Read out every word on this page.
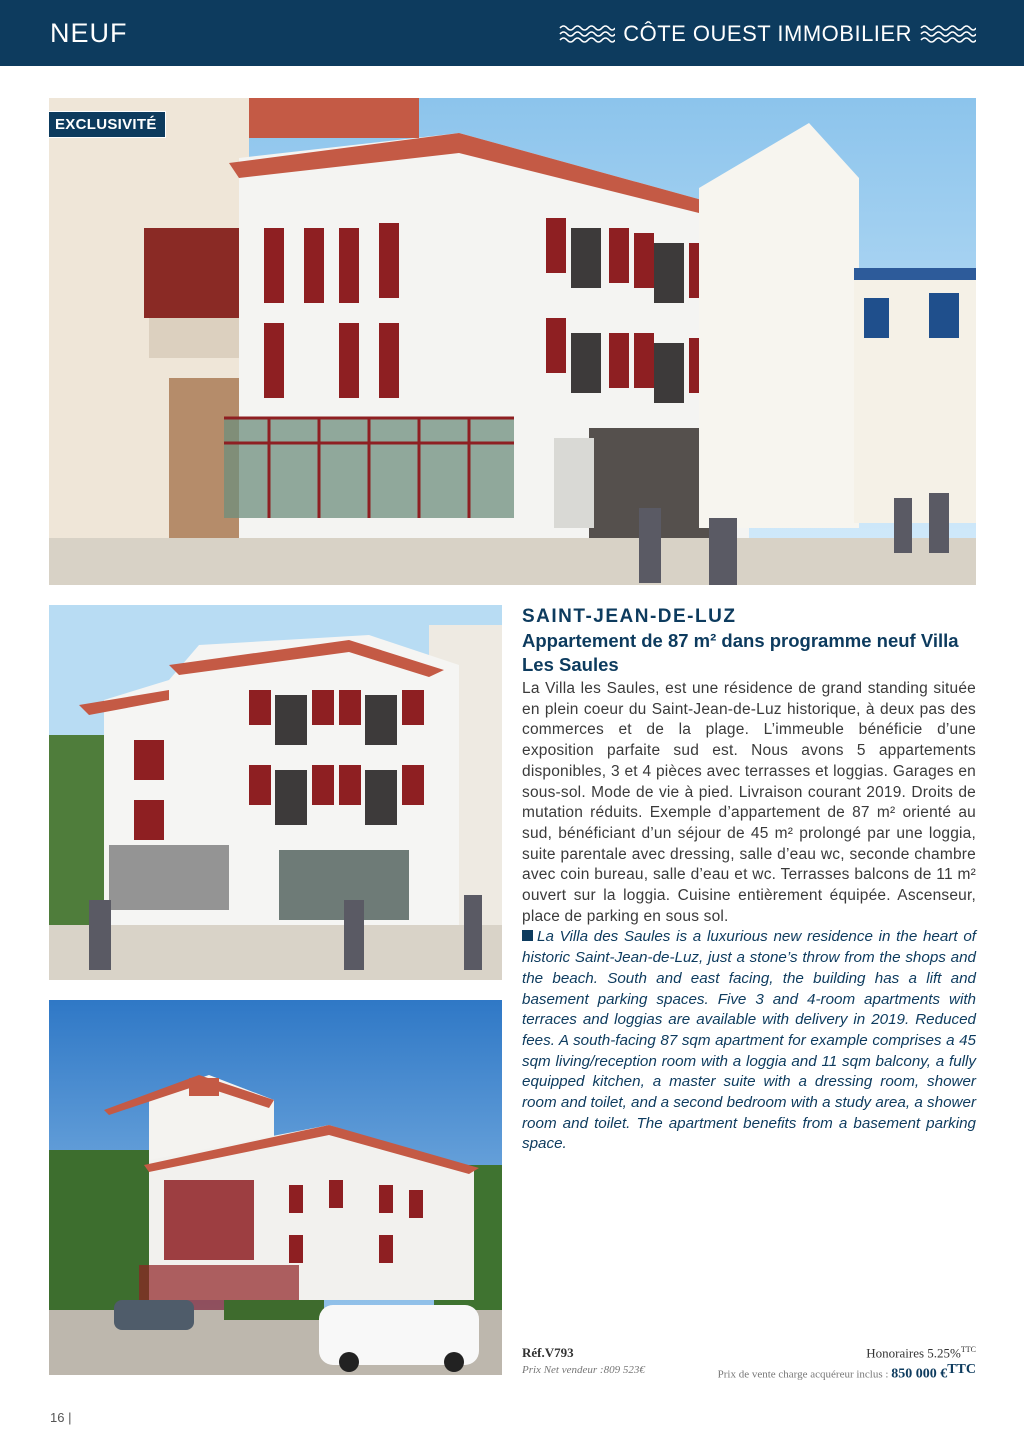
NEUF	CÔTE OUEST IMMOBILIER
EXCLUSIVITÉ

SAINT-JEAN-DE-LUZ

Appartement de 87 m² dans programme neuf Villa Les Saules

La Villa les Saules, est une résidence de grand standing située en plein coeur du Saint-Jean-de-Luz historique, à deux pas des commerces et de la plage. L’immeuble bénéficie d’une exposition parfaite sud est. Nous avons 5 appartements disponibles, 3 et 4 pièces avec terrasses et loggias. Garages en sous-sol. Mode de vie à pied. Livraison courant 2019. Droits de mutation réduits. Exemple d’appartement de 87 m² orienté au sud, bénéficiant d’un séjour de 45 m² prolongé par une loggia, suite parentale avec dressing, salle d’eau wc, seconde chambre avec coin bureau, salle d’eau et wc. Terrasses balcons de 11 m² ouvert sur la loggia. Cuisine entièrement équipée. Ascenseur, place de parking en sous sol.

La Villa des Saules is a luxurious new residence in the heart of historic Saint-Jean-de-Luz, just a stone’s throw from the shops and the beach. South and east facing, the building has a lift and basement parking spaces. Five 3 and 4-room apartments with terraces and loggias are available with delivery in 2019. Reduced fees. A south-facing 87 sqm apartment for example comprises a 45 sqm living/reception room with a loggia and 11 sqm balcony, a fully equipped kitchen, a master suite with a dressing room, shower room and toilet, and a second bedroom with a study area, a shower room and toilet. The apartment benefits from a basement parking space.

Réf.V793
Prix Net vendeur :809 523€
Honoraires 5.25%$^{TTC}$
Prix de vente charge acquéreur inclus : 850 000 €$^{TTC}$
16 |
